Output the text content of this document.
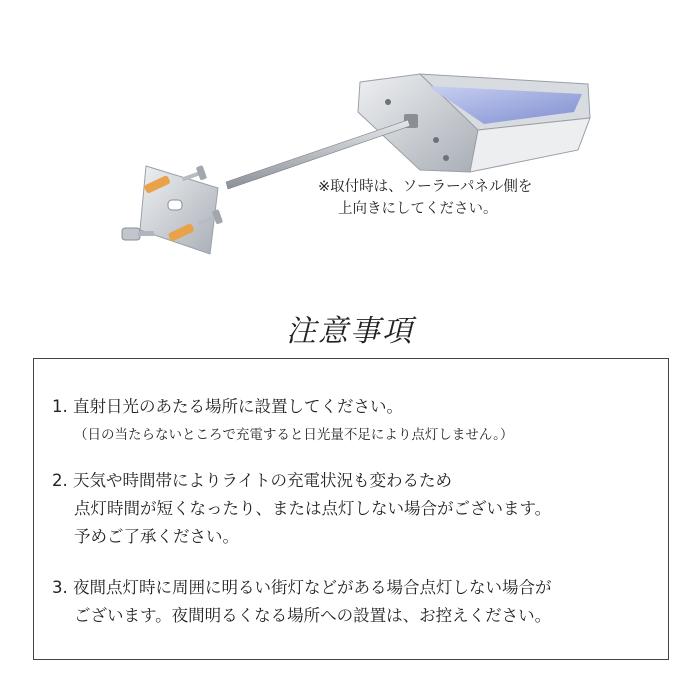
※取付時は、ソーラーパネル側を
上向きにしてください。
注意事項
1. 直射日光のあたる場所に設置してください。
（日の当たらないところで充電すると日光量不足により点灯しません。）
2. 天気や時間帯によりライトの充電状況も変わるため
点灯時間が短くなったり、または点灯しない場合がございます。
予めご了承ください。
3. 夜間点灯時に周囲に明るい街灯などがある場合点灯しない場合が
ございます。夜間明るくなる場所への設置は、お控えください。
